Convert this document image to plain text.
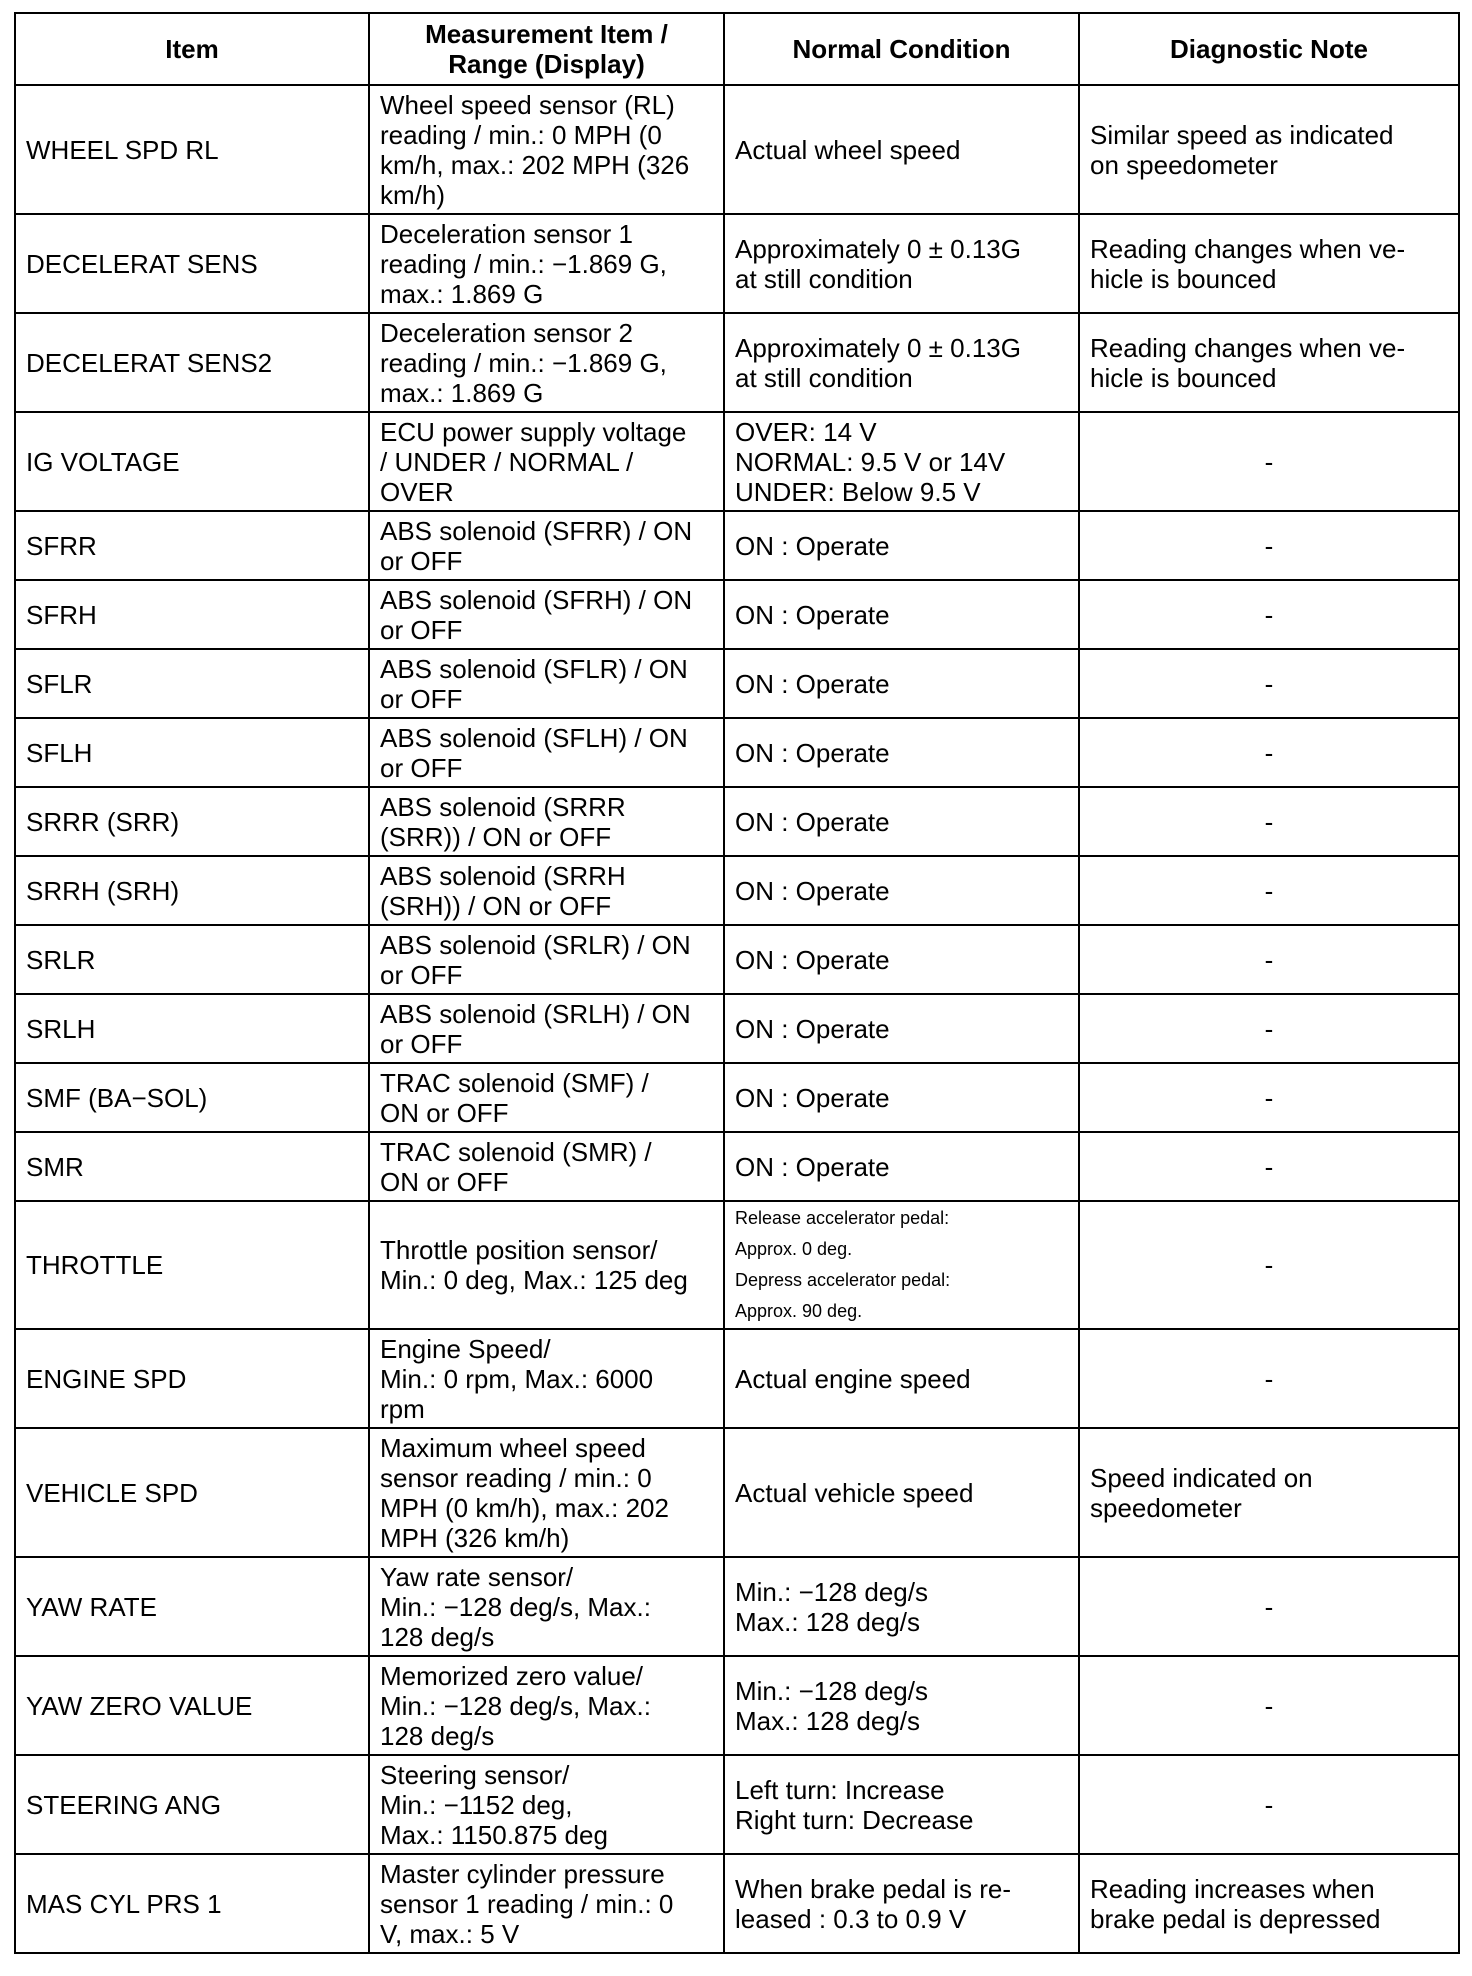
Item	Measurement Item /
Range (Display)	Normal Condition	Diagnostic Note

WHEEL SPD RL	Wheel speed sensor (RL)
reading / min.: 0 MPH (0
km/h, max.: 202 MPH (326
km/h)	Actual wheel speed	Similar speed as indicated
on speedometer

DECELERAT SENS	Deceleration sensor 1
reading / min.: −1.869 G,
max.: 1.869 G	Approximately 0 ± 0.13G
at still condition	Reading changes when ve-
hicle is bounced

DECELERAT SENS2	Deceleration sensor 2
reading / min.: −1.869 G,
max.: 1.869 G	Approximately 0 ± 0.13G
at still condition	Reading changes when ve-
hicle is bounced

IG VOLTAGE	ECU power supply voltage
/ UNDER / NORMAL /
OVER	OVER: 14 V
NORMAL: 9.5 V or 14V
UNDER: Below 9.5 V	-

SFRR	ABS solenoid (SFRR) / ON
or OFF	ON : Operate	-

SFRH	ABS solenoid (SFRH) / ON
or OFF	ON : Operate	-

SFLR	ABS solenoid (SFLR) / ON
or OFF	ON : Operate	-

SFLH	ABS solenoid (SFLH) / ON
or OFF	ON : Operate	-

SRRR (SRR)	ABS solenoid (SRRR
(SRR)) / ON or OFF	ON : Operate	-

SRRH (SRH)	ABS solenoid (SRRH
(SRH)) / ON or OFF	ON : Operate	-

SRLR	ABS solenoid (SRLR) / ON
or OFF	ON : Operate	-

SRLH	ABS solenoid (SRLH) / ON
or OFF	ON : Operate	-

SMF (BA−SOL)	TRAC solenoid (SMF) /
ON or OFF	ON : Operate	-

SMR	TRAC solenoid (SMR) /
ON or OFF	ON : Operate	-

THROTTLE	Throttle position sensor/
Min.: 0 deg, Max.: 125 deg	Release accelerator pedal:
Approx. 0 deg.
Depress accelerator pedal:
Approx. 90 deg.	-

ENGINE SPD	Engine Speed/
Min.: 0 rpm, Max.: 6000
rpm	Actual engine speed	-

VEHICLE SPD	Maximum wheel speed
sensor reading / min.: 0
MPH (0 km/h), max.: 202
MPH (326 km/h)	Actual vehicle speed	Speed indicated on
speedometer

YAW RATE	Yaw rate sensor/
Min.: −128 deg/s, Max.:
128 deg/s	Min.: −128 deg/s
Max.: 128 deg/s	-

YAW ZERO VALUE	Memorized zero value/
Min.: −128 deg/s, Max.:
128 deg/s	Min.: −128 deg/s
Max.: 128 deg/s	-

STEERING ANG	Steering sensor/
Min.: −1152 deg,
Max.: 1150.875 deg	Left turn: Increase
Right turn: Decrease	-

MAS CYL PRS 1	Master cylinder pressure
sensor 1 reading / min.: 0
V, max.: 5 V	When brake pedal is re-
leased : 0.3 to 0.9 V	Reading increases when
brake pedal is depressed
